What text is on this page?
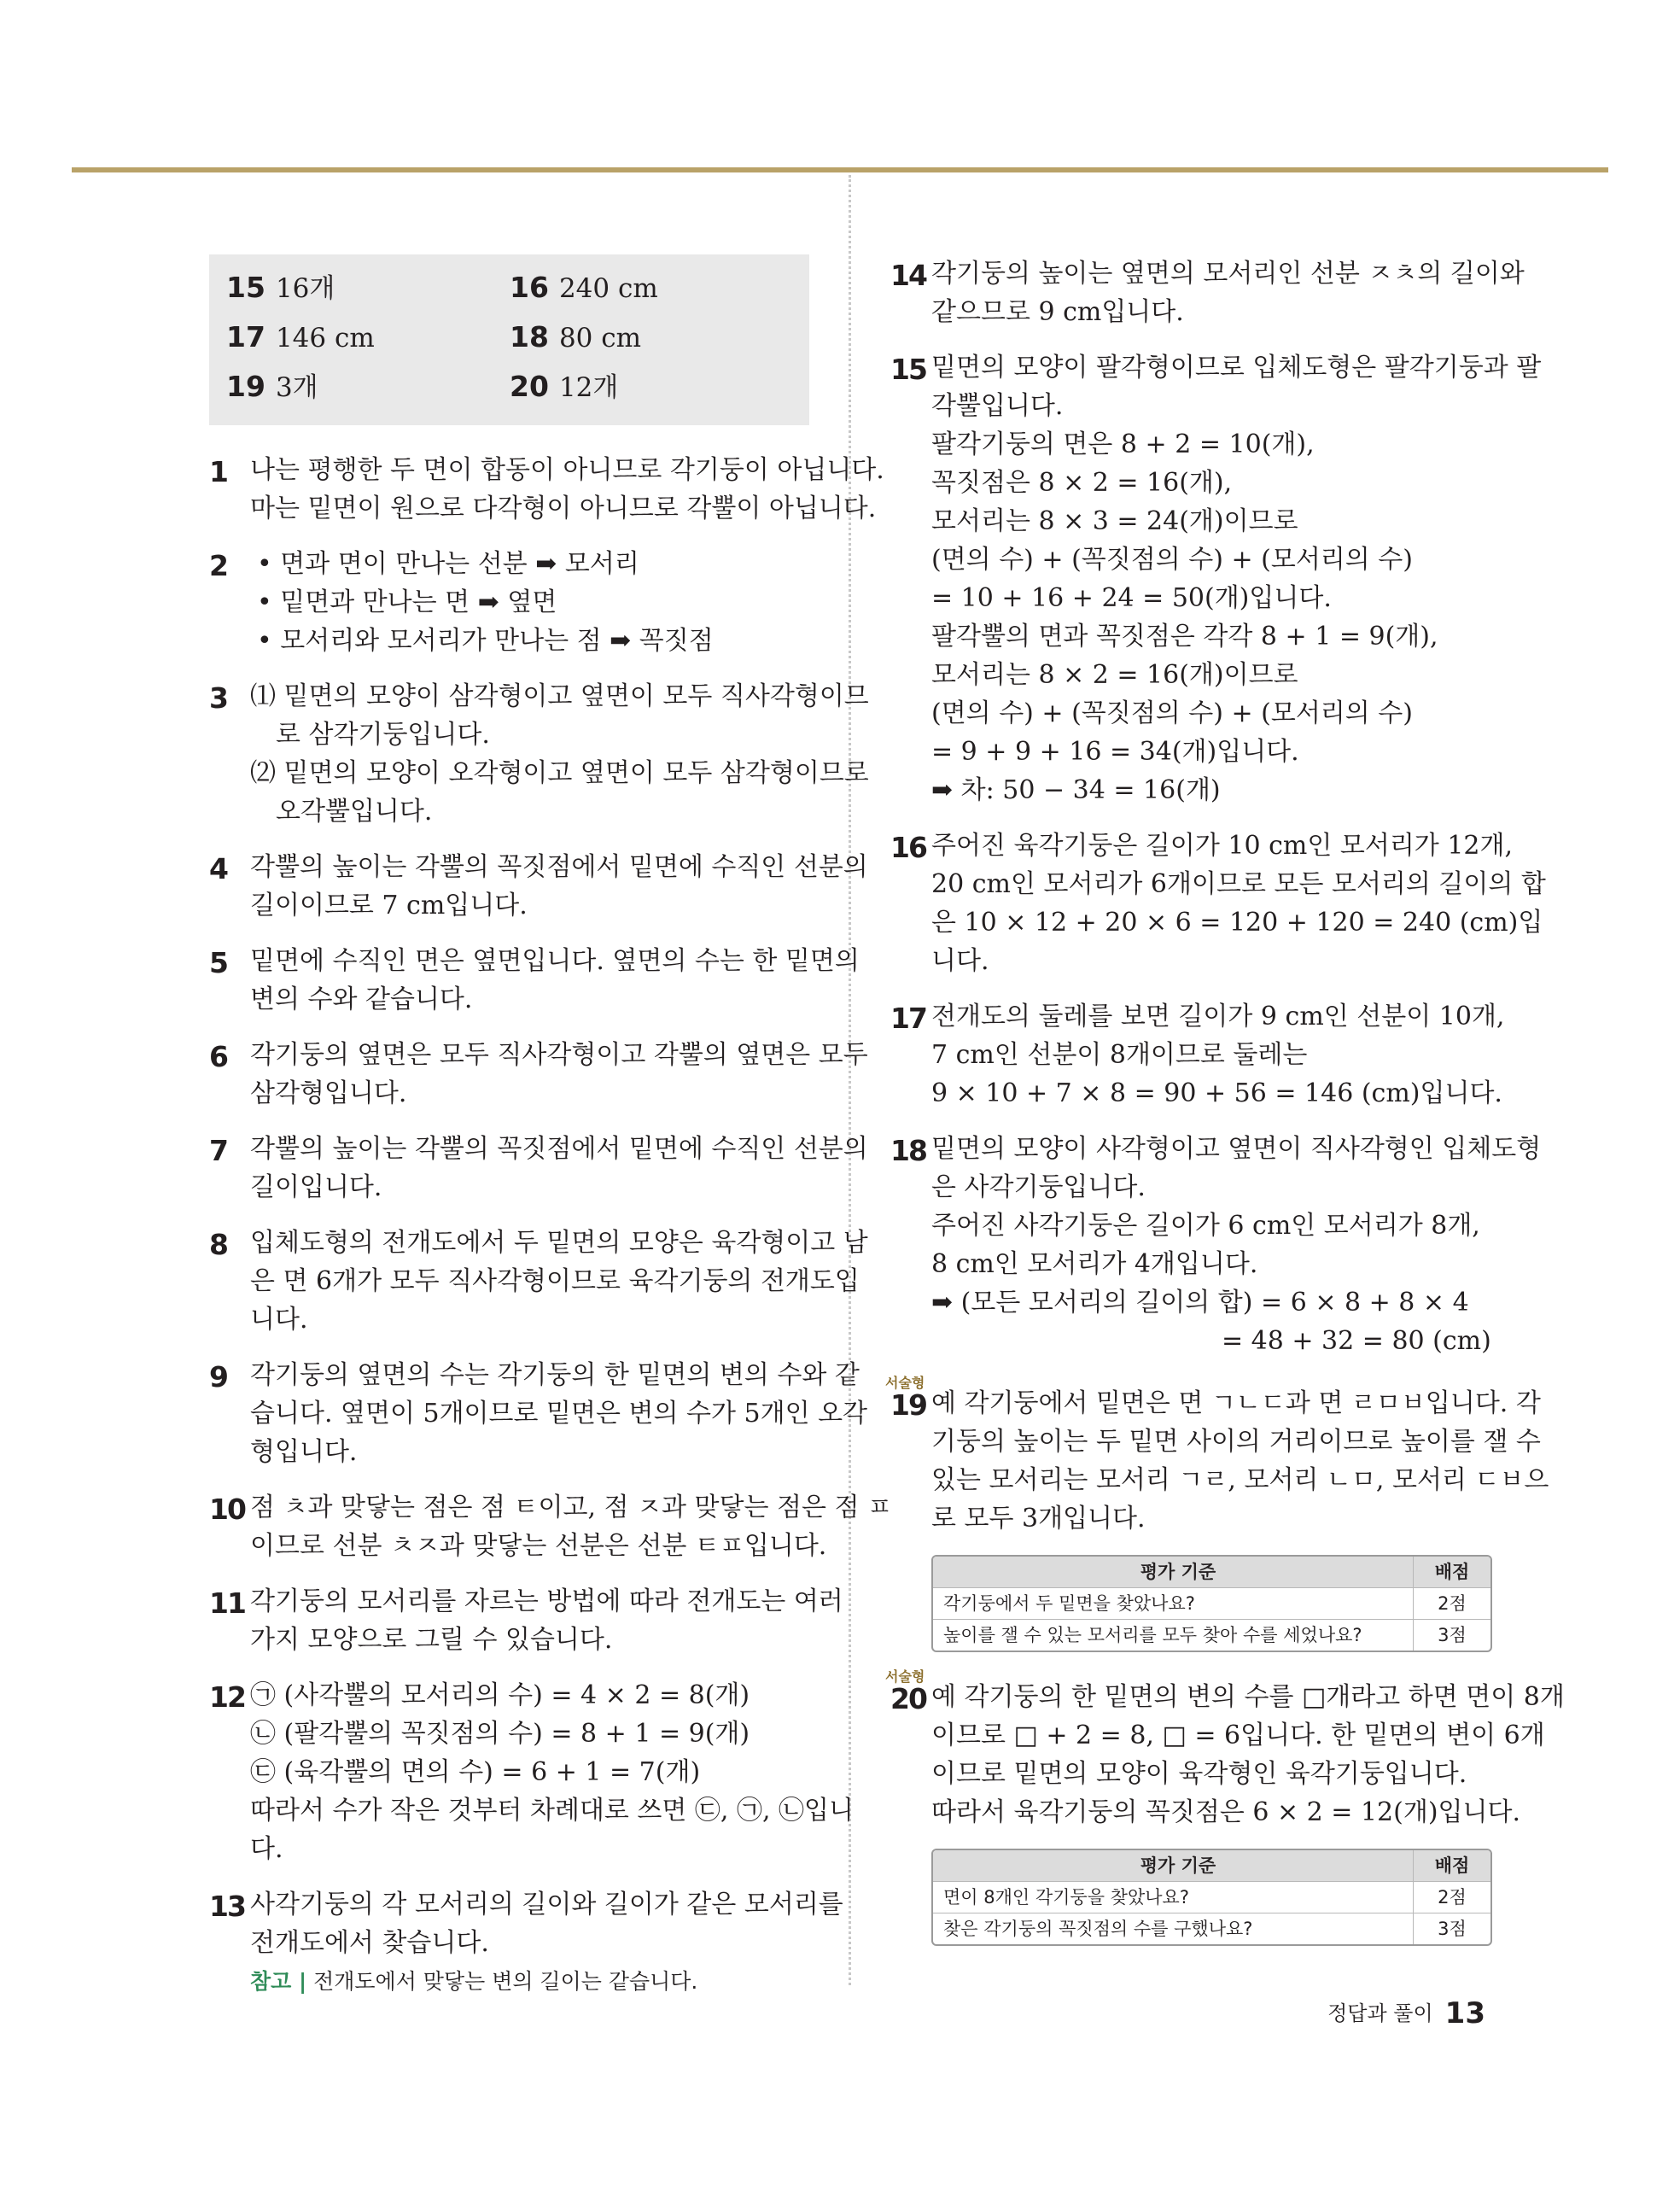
15 16개	16 240 cm
17 146 cm	18 80 cm
19 3개	20 12개
1 나는 평행한 두 면이 합동이 아니므로 각기둥이 아닙니다.
마는 밑면이 원으로 다각형이 아니므로 각뿔이 아닙니다.
2 • 면과 면이 만나는 선분 ➡ 모서리
• 밑면과 만나는 면 ➡ 옆면
• 모서리와 모서리가 만나는 점 ➡ 꼭짓점
3 ⑴ 밑면의 모양이 삼각형이고 옆면이 모두 직사각형이므
로 삼각기둥입니다.
⑵ 밑면의 모양이 오각형이고 옆면이 모두 삼각형이므로
오각뿔입니다.
4 각뿔의 높이는 각뿔의 꼭짓점에서 밑면에 수직인 선분의
길이이므로 7 cm입니다.
5 밑면에 수직인 면은 옆면입니다. 옆면의 수는 한 밑면의
변의 수와 같습니다.
6 각기둥의 옆면은 모두 직사각형이고 각뿔의 옆면은 모두
삼각형입니다.
7 각뿔의 높이는 각뿔의 꼭짓점에서 밑면에 수직인 선분의
길이입니다.
8 입체도형의 전개도에서 두 밑면의 모양은 육각형이고 남
은 면 6개가 모두 직사각형이므로 육각기둥의 전개도입
니다.
9 각기둥의 옆면의 수는 각기둥의 한 밑면의 변의 수와 같
습니다. 옆면이 5개이므로 밑면은 변의 수가 5개인 오각
형입니다.
10 점 ㅊ과 맞닿는 점은 점 ㅌ이고, 점 ㅈ과 맞닿는 점은 점 ㅍ
이므로 선분 ㅊㅈ과 맞닿는 선분은 선분 ㅌㅍ입니다.
11 각기둥의 모서리를 자르는 방법에 따라 전개도는 여러
가지 모양으로 그릴 수 있습니다.
12 ㉠ (사각뿔의 모서리의 수) = 4 × 2 = 8(개)
㉡ (팔각뿔의 꼭짓점의 수) = 8 + 1 = 9(개)
㉢ (육각뿔의 면의 수) = 6 + 1 = 7(개)
따라서 수가 작은 것부터 차례대로 쓰면 ㉢, ㉠, ㉡입니
다.
13 사각기둥의 각 모서리의 길이와 길이가 같은 모서리를
전개도에서 찾습니다.
참고 | 전개도에서 맞닿는 변의 길이는 같습니다.
14 각기둥의 높이는 옆면의 모서리인 선분 ㅈㅊ의 길이와
같으므로 9 cm입니다.
15 밑면의 모양이 팔각형이므로 입체도형은 팔각기둥과 팔
각뿔입니다.
팔각기둥의 면은 8 + 2 = 10(개),
꼭짓점은 8 × 2 = 16(개),
모서리는 8 × 3 = 24(개)이므로
(면의 수) + (꼭짓점의 수) + (모서리의 수)
= 10 + 16 + 24 = 50(개)입니다.
팔각뿔의 면과 꼭짓점은 각각 8 + 1 = 9(개),
모서리는 8 × 2 = 16(개)이므로
(면의 수) + (꼭짓점의 수) + (모서리의 수)
= 9 + 9 + 16 = 34(개)입니다.
➡ 차: 50 − 34 = 16(개)
16 주어진 육각기둥은 길이가 10 cm인 모서리가 12개,
20 cm인 모서리가 6개이므로 모든 모서리의 길이의 합
은 10 × 12 + 20 × 6 = 120 + 120 = 240 (cm)입
니다.
17 전개도의 둘레를 보면 길이가 9 cm인 선분이 10개,
7 cm인 선분이 8개이므로 둘레는
9 × 10 + 7 × 8 = 90 + 56 = 146 (cm)입니다.
18 밑면의 모양이 사각형이고 옆면이 직사각형인 입체도형
은 사각기둥입니다.
주어진 사각기둥은 길이가 6 cm인 모서리가 8개,
8 cm인 모서리가 4개입니다.
➡ (모든 모서리의 길이의 합) = 6 × 8 + 8 × 4
= 48 + 32 = 80 (cm)
서술형
19 예 각기둥에서 밑면은 면 ㄱㄴㄷ과 면 ㄹㅁㅂ입니다. 각
기둥의 높이는 두 밑면 사이의 거리이므로 높이를 잴 수
있는 모서리는 모서리 ㄱㄹ, 모서리 ㄴㅁ, 모서리 ㄷㅂ으
로 모두 3개입니다.
평가 기준	배점
각기둥에서 두 밑면을 찾았나요?	2점
높이를 잴 수 있는 모서리를 모두 찾아 수를 세었나요?	3점
서술형
20 예 각기둥의 한 밑면의 변의 수를 □개라고 하면 면이 8개
이므로 □ + 2 = 8, □ = 6입니다. 한 밑면의 변이 6개
이므로 밑면의 모양이 육각형인 육각기둥입니다.
따라서 육각기둥의 꼭짓점은 6 × 2 = 12(개)입니다.
평가 기준	배점
면이 8개인 각기둥을 찾았나요?	2점
찾은 각기둥의 꼭짓점의 수를 구했나요?	3점
정답과 풀이 13
